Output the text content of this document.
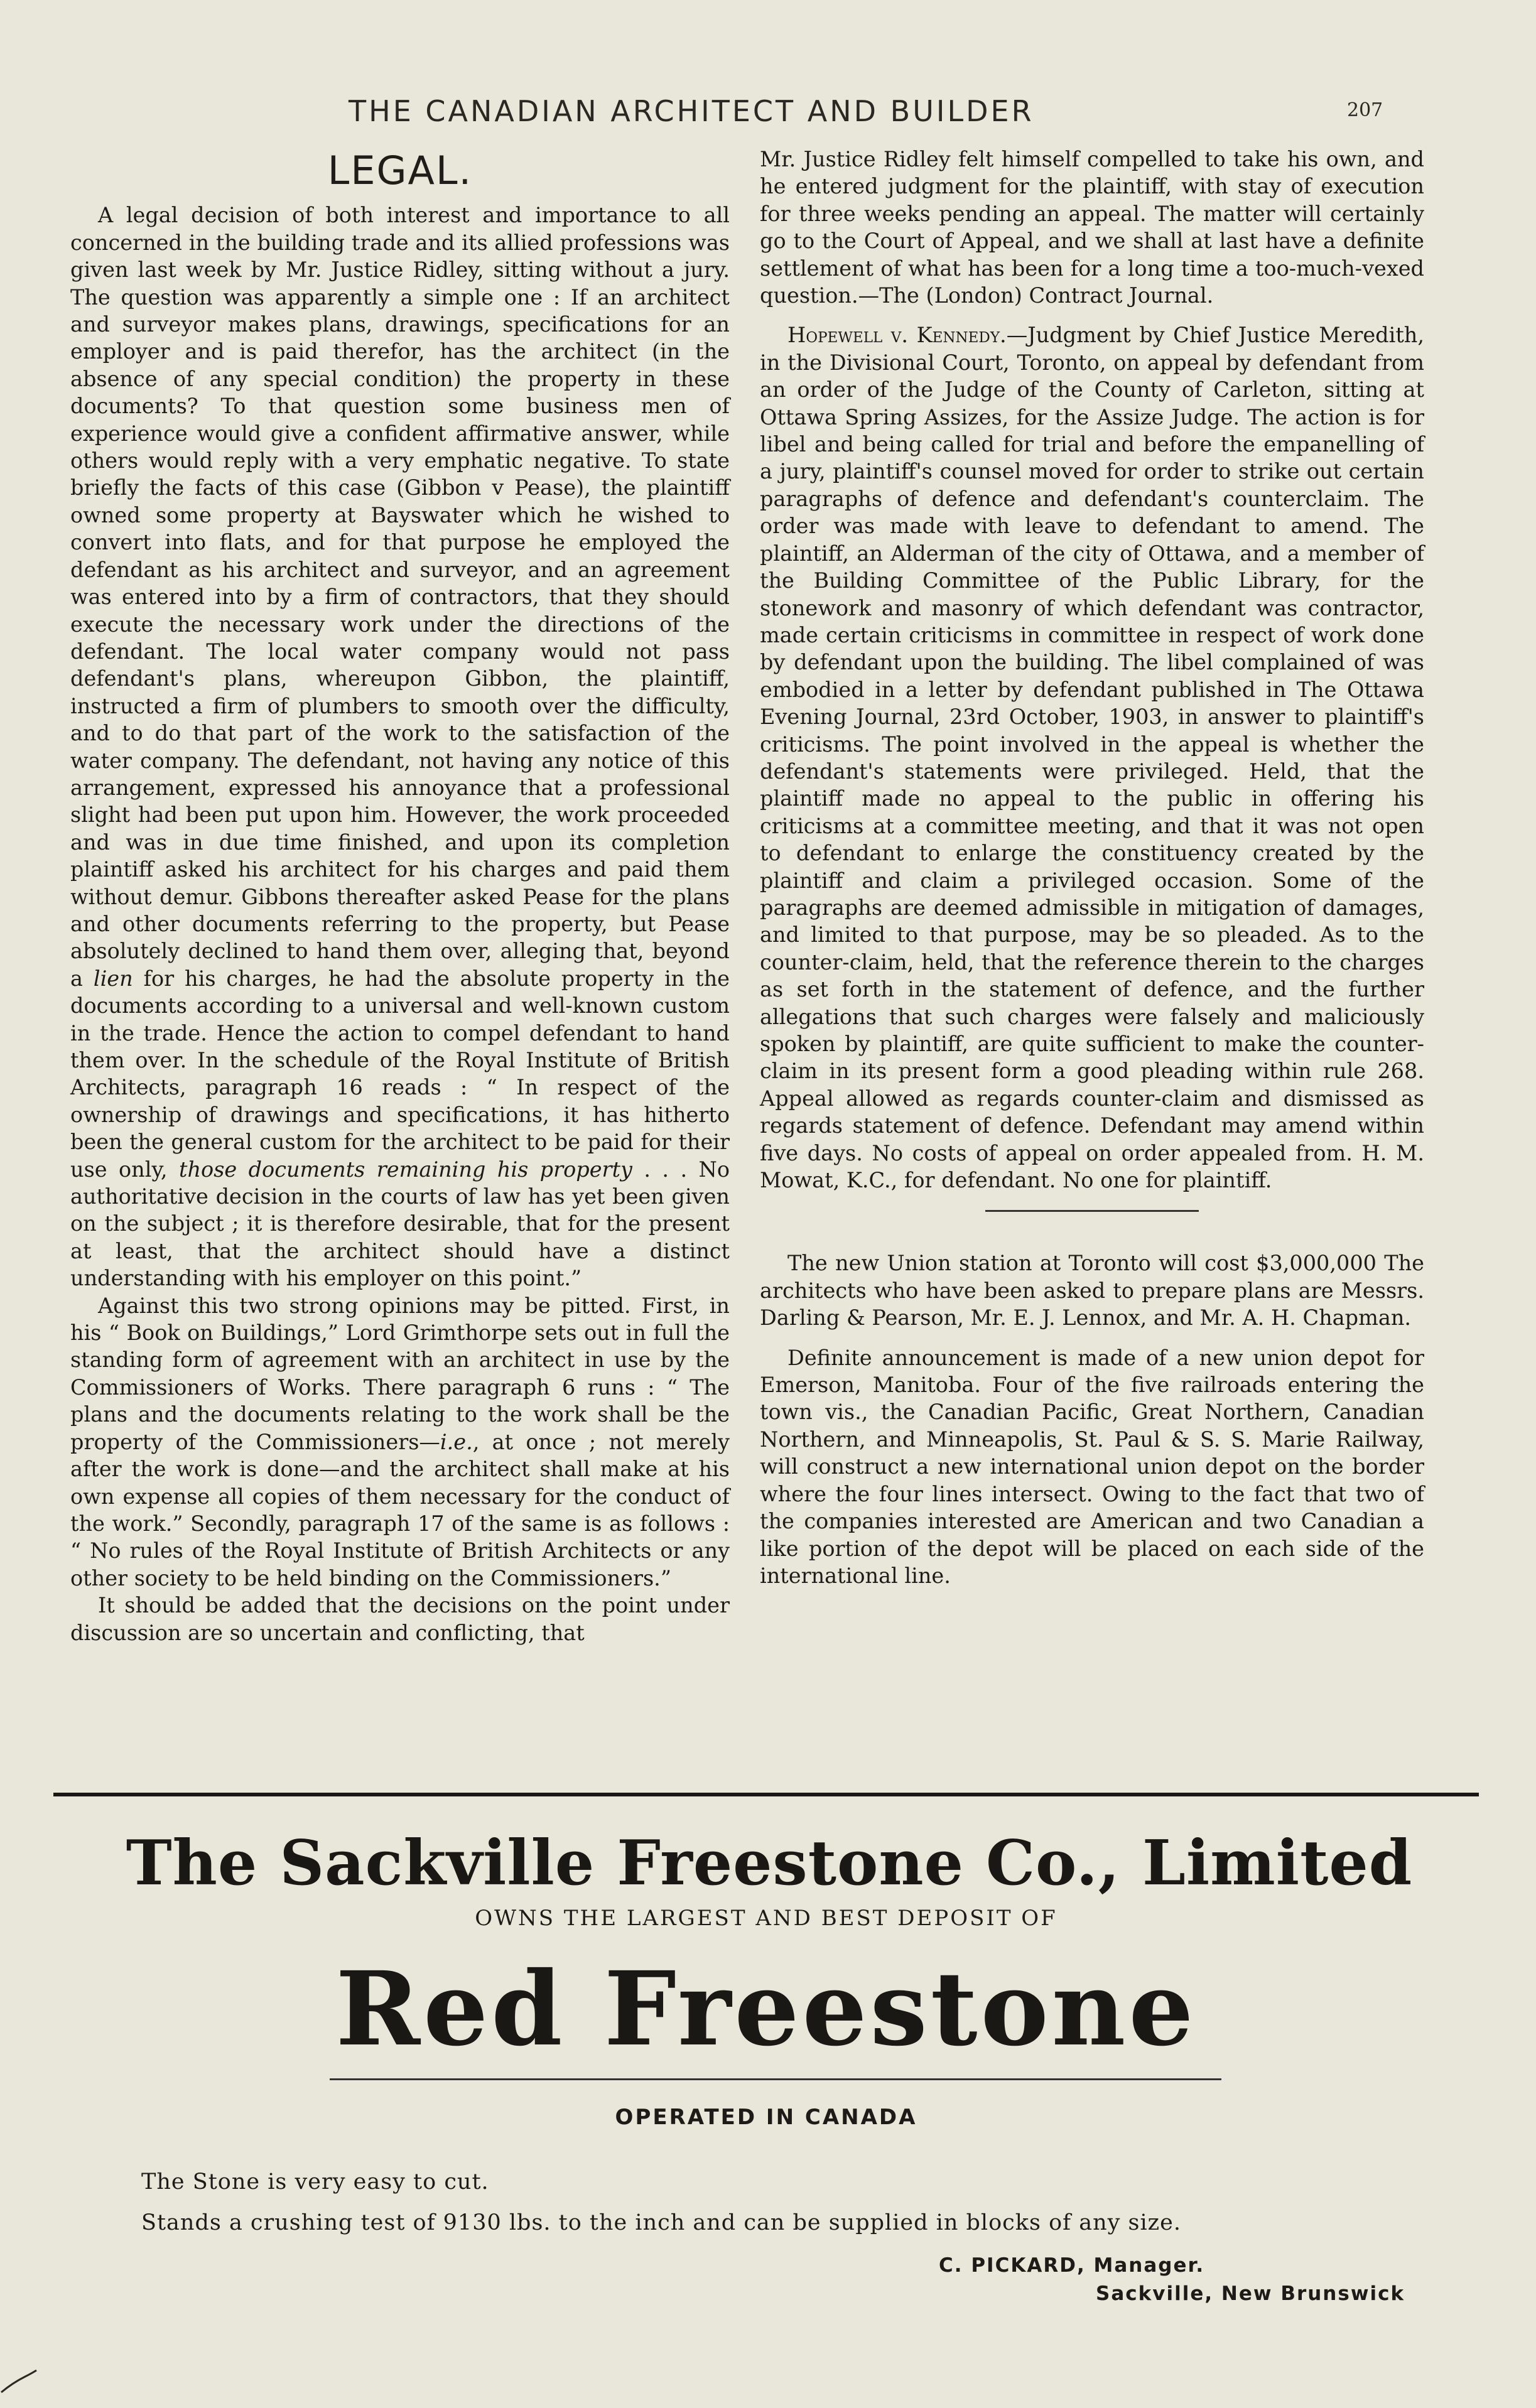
THE CANADIAN ARCHITECT AND BUILDER	207
LEGAL.

A legal decision of both interest and importance to all concerned in the building trade and its allied professions was given last week by Mr. Justice Ridley, sitting without a jury. The question was apparently a simple one : If an architect and surveyor makes plans, drawings, specifications for an employer and is paid therefor, has the architect (in the absence of any special condition) the property in these documents? To that question some business men of experience would give a confident affirmative answer, while others would reply with a very emphatic negative. To state briefly the facts of this case (Gibbon v Pease), the plaintiff owned some property at Bayswater which he wished to convert into flats, and for that purpose he employed the defendant as his architect and surveyor, and an agreement was entered into by a firm of contractors, that they should execute the necessary work under the directions of the defendant. The local water company would not pass defendant's plans, whereupon Gibbon, the plaintiff, instructed a firm of plumbers to smooth over the difficulty, and to do that part of the work to the satisfaction of the water company. The defendant, not having any notice of this arrangement, expressed his annoyance that a professional slight had been put upon him. However, the work proceeded and was in due time finished, and upon its completion plaintiff asked his architect for his charges and paid them without demur. Gibbons thereafter asked Pease for the plans and other documents referring to the property, but Pease absolutely declined to hand them over, alleging that, beyond a lien for his charges, he had the absolute property in the documents according to a universal and well-known custom in the trade. Hence the action to compel defendant to hand them over. In the schedule of the Royal Institute of British Architects, paragraph 16 reads : “ In respect of the ownership of drawings and specifications, it has hitherto been the general custom for the architect to be paid for their use only, those documents remaining his property . . . No authoritative decision in the courts of law has yet been given on the subject ; it is therefore desirable, that for the present at least, that the architect should have a distinct understanding with his employer on this point.”

Against this two strong opinions may be pitted. First, in his “ Book on Buildings,” Lord Grimthorpe sets out in full the standing form of agreement with an architect in use by the Commissioners of Works. There paragraph 6 runs : “ The plans and the documents relating to the work shall be the property of the Commissioners—i.e., at once ; not merely after the work is done—and the architect shall make at his own expense all copies of them necessary for the conduct of the work.” Secondly, paragraph 17 of the same is as follows : “ No rules of the Royal Institute of British Architects or any other society to be held binding on the Commissioners.”

It should be added that the decisions on the point under discussion are so uncertain and conflicting, that

Mr. Justice Ridley felt himself compelled to take his own, and he entered judgment for the plaintiff, with stay of execution for three weeks pending an appeal. The matter will certainly go to the Court of Appeal, and we shall at last have a definite settlement of what has been for a long time a too-much-vexed question.—The (London) Contract Journal.

Hopewell v. Kennedy.—Judgment by Chief Justice Meredith, in the Divisional Court, Toronto, on appeal by defendant from an order of the Judge of the County of Carleton, sitting at Ottawa Spring Assizes, for the Assize Judge. The action is for libel and being called for trial and before the empanelling of a jury, plaintiff's counsel moved for order to strike out certain paragraphs of defence and defendant's counterclaim. The order was made with leave to defendant to amend. The plaintiff, an Alderman of the city of Ottawa, and a member of the Building Committee of the Public Library, for the stonework and masonry of which defendant was contractor, made certain criticisms in committee in respect of work done by defendant upon the building. The libel complained of was embodied in a letter by defendant published in The Ottawa Evening Journal, 23rd October, 1903, in answer to plaintiff's criticisms. The point involved in the appeal is whether the defendant's statements were privileged. Held, that the plaintiff made no appeal to the public in offering his criticisms at a committee meeting, and that it was not open to defendant to enlarge the constituency created by the plaintiff and claim a privileged occasion. Some of the paragraphs are deemed admissible in mitigation of damages, and limited to that purpose, may be so pleaded. As to the counter-claim, held, that the reference therein to the charges as set forth in the statement of defence, and the further allegations that such charges were falsely and maliciously spoken by plaintiff, are quite sufficient to make the counter-claim in its present form a good pleading within rule 268. Appeal allowed as regards counter-claim and dismissed as regards statement of defence. Defendant may amend within five days. No costs of appeal on order appealed from. H. M. Mowat, K.C., for defendant. No one for plaintiff.

The new Union station at Toronto will cost $3,000,000 The architects who have been asked to prepare plans are Messrs. Darling & Pearson, Mr. E. J. Lennox, and Mr. A. H. Chapman.

Definite announcement is made of a new union depot for Emerson, Manitoba. Four of the five railroads entering the town vis., the Canadian Pacific, Great Northern, Canadian Northern, and Minneapolis, St. Paul & S. S. Marie Railway, will construct a new international union depot on the border where the four lines intersect. Owing to the fact that two of the companies interested are American and two Canadian a like portion of the depot will be placed on each side of the international line.

The Sackville Freestone Co., Limited
OWNS THE LARGEST AND BEST DEPOSIT OF
Red Freestone
OPERATED IN CANADA
The Stone is very easy to cut.
Stands a crushing test of 9130 lbs. to the inch and can be supplied in blocks of any size.
C. PICKARD, Manager.
Sackville, New Brunswick
